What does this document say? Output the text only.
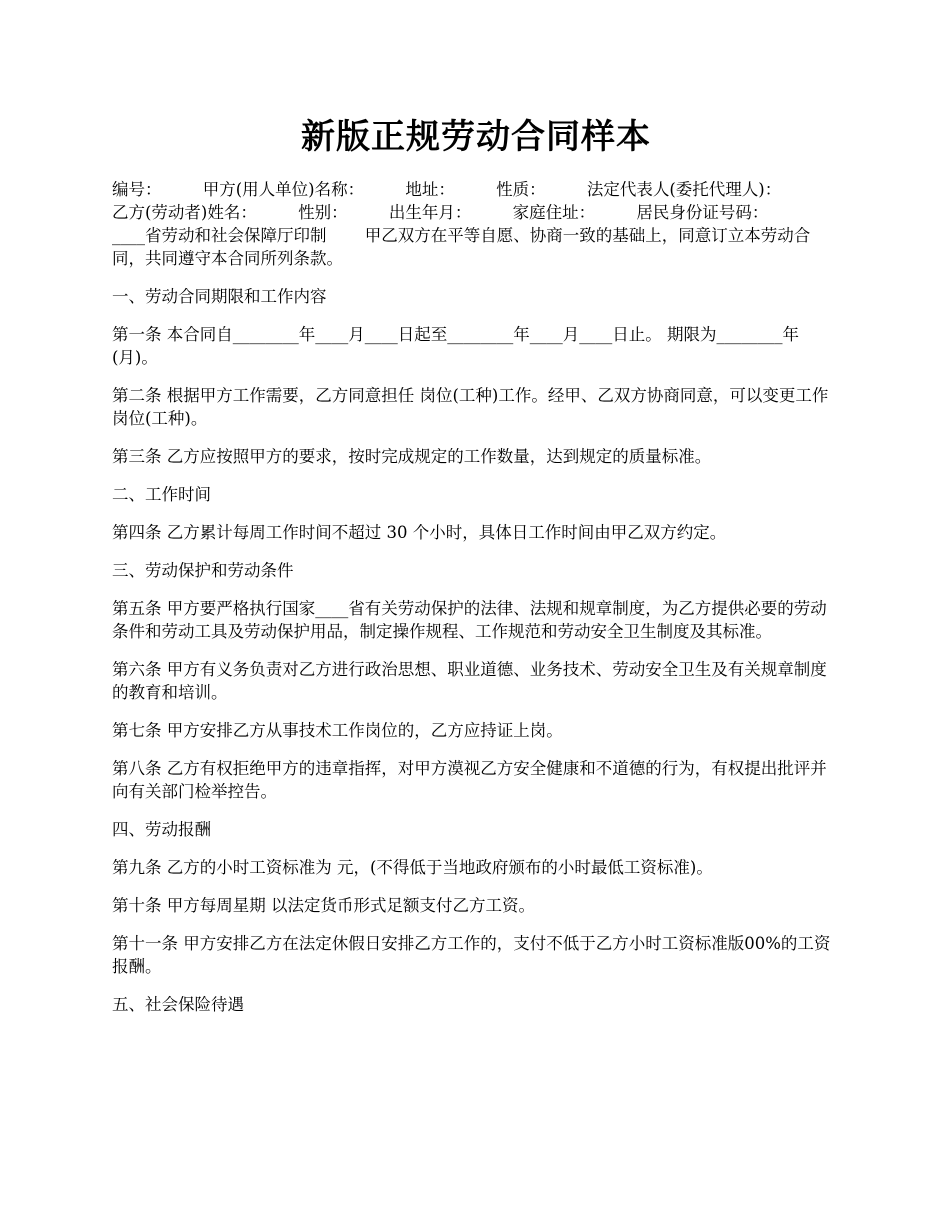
新版正规劳动合同样本
编号：　　　甲方(用人单位)名称：　　　地址：　　　性质：　　　法定代表人(委托代理人)：
乙方(劳动者)姓名：　　　性别：　　　出生年月：　　　家庭住址：　　　居民身份证号码：
____省劳动和社会保障厅印制　　 甲乙双方在平等自愿、协商一致的基础上，同意订立本劳动合同，共同遵守本合同所列条款。

一、劳动合同期限和工作内容

第一条 本合同自________年____月____日起至________年____月____日止。 期限为________年(月)。

第二条 根据甲方工作需要，乙方同意担任 岗位(工种)工作。经甲、乙双方协商同意，可以变更工作岗位(工种)。

第三条 乙方应按照甲方的要求，按时完成规定的工作数量，达到规定的质量标准。

二、工作时间

第四条 乙方累计每周工作时间不超过 30 个小时，具体日工作时间由甲乙双方约定。

三、劳动保护和劳动条件

第五条 甲方要严格执行国家____省有关劳动保护的法律、法规和规章制度，为乙方提供必要的劳动条件和劳动工具及劳动保护用品，制定操作规程、工作规范和劳动安全卫生制度及其标准。

第六条 甲方有义务负责对乙方进行政治思想、职业道德、业务技术、劳动安全卫生及有关规章制度的教育和培训。

第七条 甲方安排乙方从事技术工作岗位的，乙方应持证上岗。

第八条 乙方有权拒绝甲方的违章指挥，对甲方漠视乙方安全健康和不道德的行为，有权提出批评并向有关部门检举控告。

四、劳动报酬

第九条 乙方的小时工资标准为 元，(不得低于当地政府颁布的小时最低工资标准)。

第十条 甲方每周星期 以法定货币形式足额支付乙方工资。

第十一条 甲方安排乙方在法定休假日安排乙方工作的，支付不低于乙方小时工资标准版00%的工资报酬。

五、社会保险待遇
